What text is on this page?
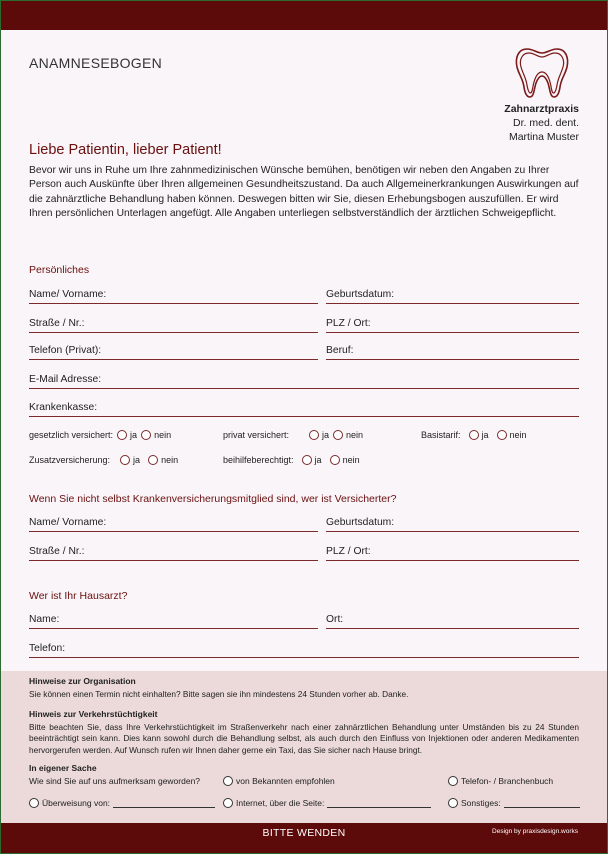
ANAMNESEBOGEN
Zahnarztpraxis
Dr. med. dent.
Martina Muster
Liebe Patientin, lieber Patient!
Bevor wir uns in Ruhe um Ihre zahnmedizinischen Wünsche bemühen, benötigen wir neben den Angaben zu Ihrer Person auch Auskünfte über Ihren allgemeinen Gesundheitszustand. Da auch Allgemeinerkrankungen Auswirkungen auf die zahnärztliche Behandlung haben können. Deswegen bitten wir Sie, diesen Erhebungsbogen auszufüllen. Er wird Ihren persönlichen Unterlagen angefügt. Alle Angaben unterliegen selbstverständlich der ärztlichen Schweigepflicht.
Persönliches
Name/ Vorname:	Geburtsdatum:
Straße / Nr.:	PLZ / Ort:
Telefon (Privat):	Beruf:
E-Mail Adresse:
Krankenkasse:
gesetzlich versichert: ja nein	privat versichert:	ja nein	Basistarif: ja nein
Zusatzversicherung:	ja nein	beihilfeberechtigt: ja nein
Wenn Sie nicht selbst Krankenversicherungsmitglied sind, wer ist Versicherter?
Name/ Vorname:	Geburtsdatum:
Straße / Nr.:	PLZ / Ort:
Wer ist Ihr Hausarzt?
Name:	Ort:
Telefon:
Hinweise zur Organisation
Sie können einen Termin nicht einhalten? Bitte sagen sie ihn mindestens 24 Stunden vorher ab. Danke.
Hinweis zur Verkehrstüchtigkeit
Bitte beachten Sie, dass Ihre Verkehrstüchtigkeit im Straßenverkehr nach einer zahnärztlichen Behandlung unter Umständen bis zu 24 Stunden beeinträchtigt sein kann. Dies kann sowohl durch die Behandlung selbst, als auch durch den Einfluss von Injektionen oder anderen Medikamenten hervorgerufen werden. Auf Wunsch rufen wir Ihnen daher gerne ein Taxi, das Sie sicher nach Hause bringt.
In eigener Sache
Wie sind Sie auf uns aufmerksam geworden?	von Bekannten empfohlen	Telefon- / Branchenbuch
Überweisung von:	Internet, über die Seite:	Sonstiges:
BITTE WENDEN	Design by praxisdesign.works
